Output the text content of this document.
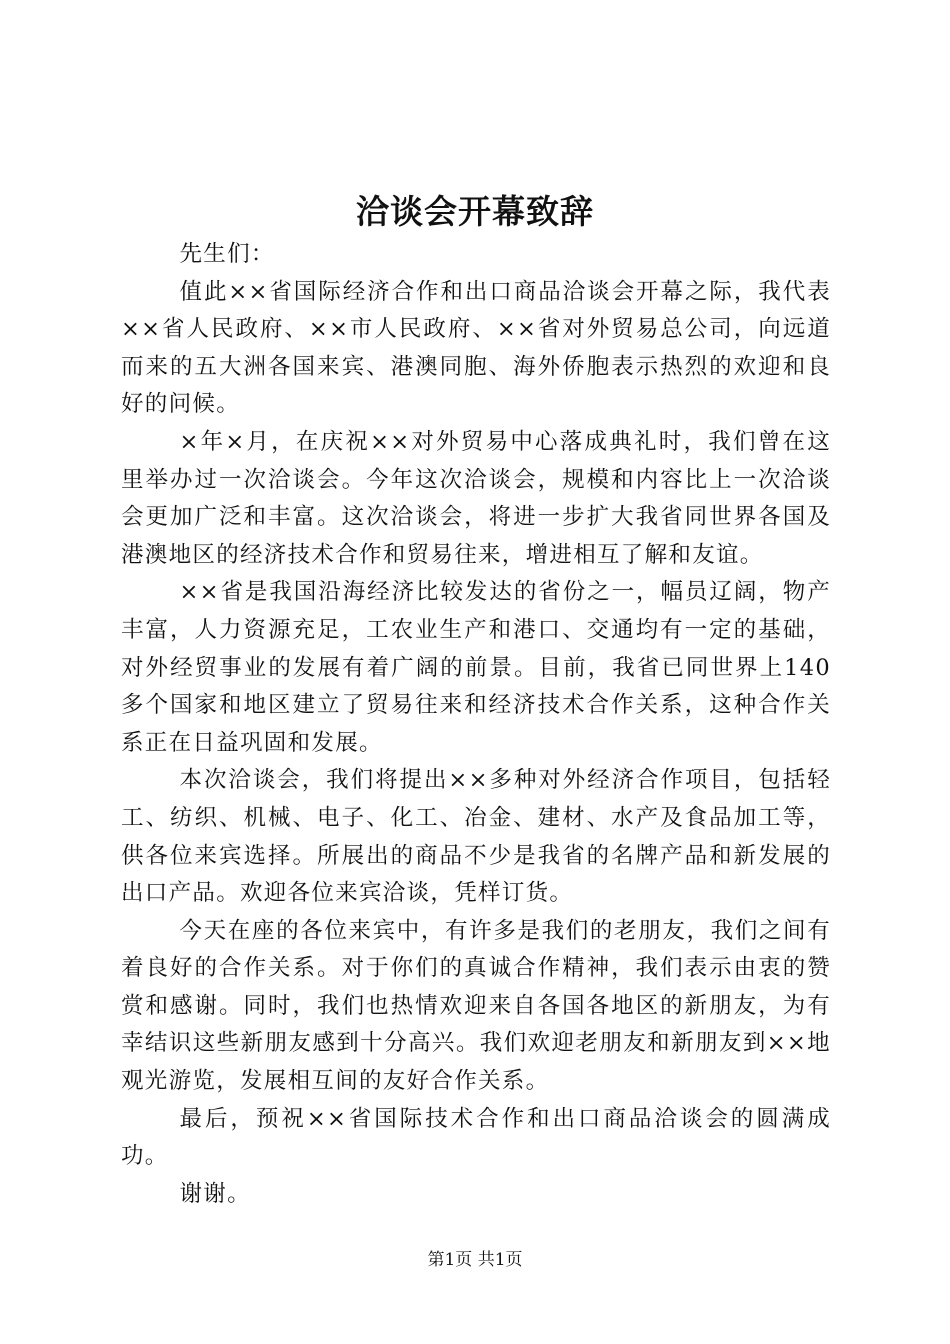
洽谈会开幕致辞

先生们：

值此××省国际经济合作和出口商品洽谈会开幕之际，我代表××省人民政府、××市人民政府、××省对外贸易总公司，向远道而来的五大洲各国来宾、港澳同胞、海外侨胞表示热烈的欢迎和良好的问候。

×年×月，在庆祝××对外贸易中心落成典礼时，我们曾在这里举办过一次洽谈会。今年这次洽谈会，规模和内容比上一次洽谈会更加广泛和丰富。这次洽谈会，将进一步扩大我省同世界各国及港澳地区的经济技术合作和贸易往来，增进相互了解和友谊。

××省是我国沿海经济比较发达的省份之一，幅员辽阔，物产丰富，人力资源充足，工农业生产和港口、交通均有一定的基础，对外经贸事业的发展有着广阔的前景。目前，我省已同世界上140多个国家和地区建立了贸易往来和经济技术合作关系，这种合作关系正在日益巩固和发展。

本次洽谈会，我们将提出××多种对外经济合作项目，包括轻工、纺织、机械、电子、化工、冶金、建材、水产及食品加工等，供各位来宾选择。所展出的商品不少是我省的名牌产品和新发展的出口产品。欢迎各位来宾洽谈，凭样订货。

今天在座的各位来宾中，有许多是我们的老朋友，我们之间有着良好的合作关系。对于你们的真诚合作精神，我们表示由衷的赞赏和感谢。同时，我们也热情欢迎来自各国各地区的新朋友，为有幸结识这些新朋友感到十分高兴。我们欢迎老朋友和新朋友到××地观光游览，发展相互间的友好合作关系。

最后，预祝××省国际技术合作和出口商品洽谈会的圆满成功。

谢谢。

第1页 共1页
